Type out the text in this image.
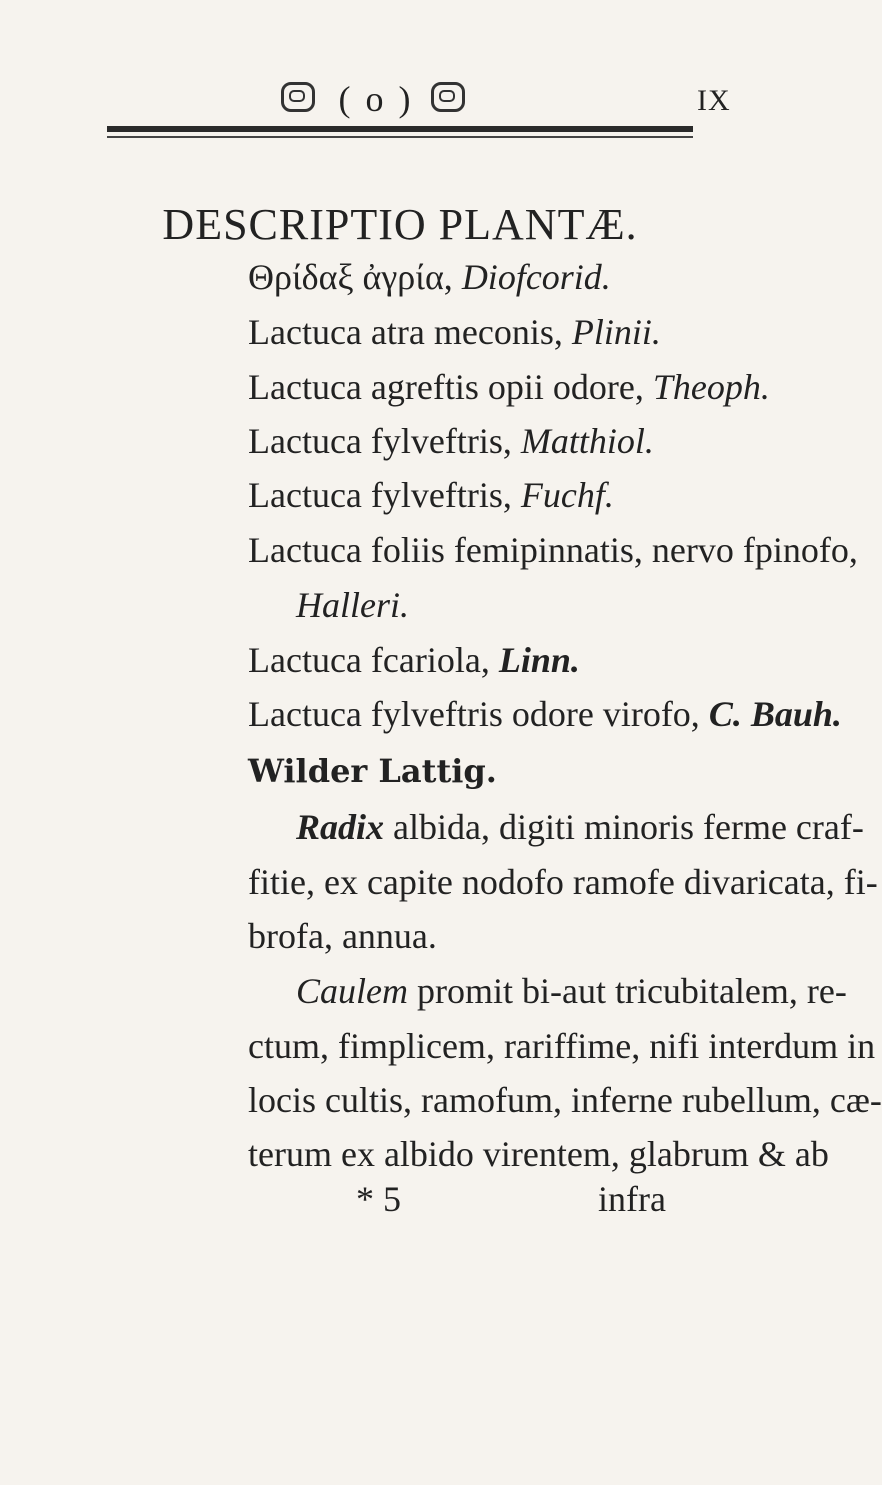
( o )	IX
DESCRIPTIO PLANTÆ.
Θρίδαξ ἀγρία, Diofcorid.
Lactuca atra meconis, Plinii.
Lactuca agreftis opii odore, Theoph.
Lactuca fylveftris, Matthiol.
Lactuca fylveftris, Fuchf.
Lactuca foliis femipinnatis, nervo fpinofo,
Halleri.
Lactuca fcariola, Linn.
Lactuca fylveftris odore virofo, C. Bauh.
Wilder Lattig.
Radix albida, digiti minoris ferme craf-
fitie, ex capite nodofo ramofe divaricata, fi-
brofa, annua.
Caulem promit bi-aut tricubitalem, re-
ctum, fimplicem, rariffime, nifi interdum in
locis cultis, ramofum, inferne rubellum, cæ-
terum ex albido virentem, glabrum & ab
* 5	infra
